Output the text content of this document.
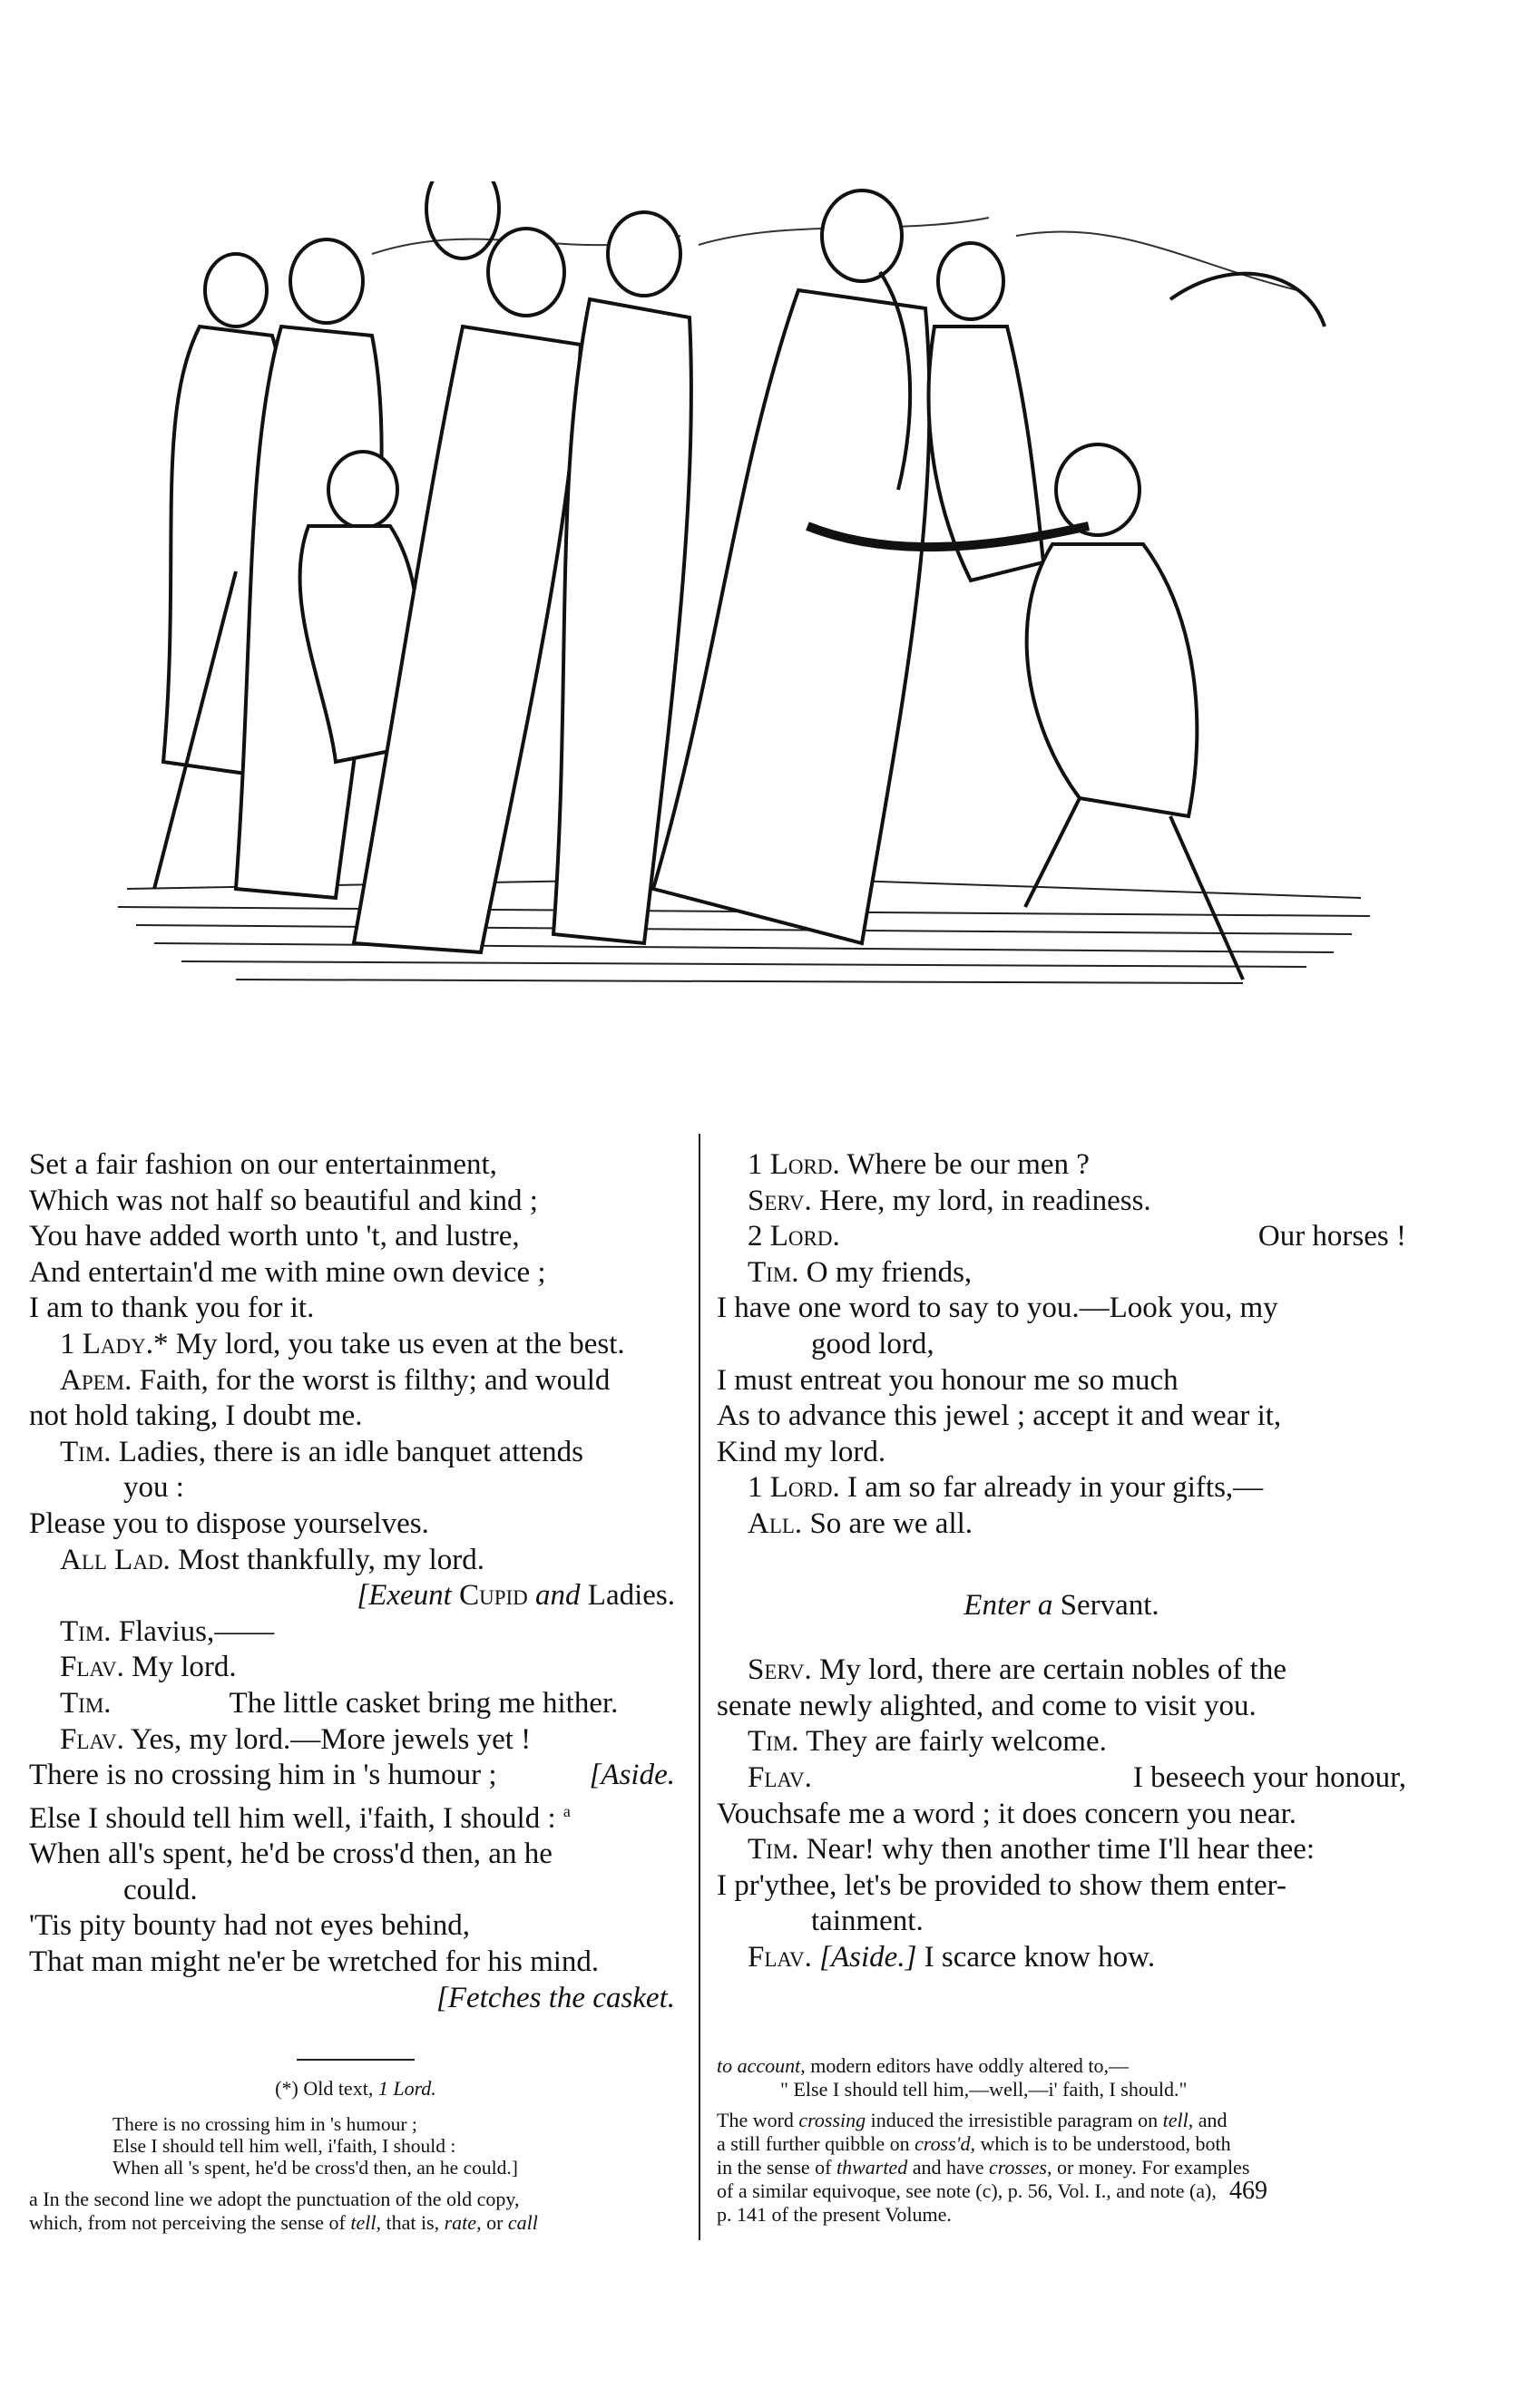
Set a fair fashion on our entertainment,
Which was not half so beautiful and kind ;
You have added worth unto 't, and lustre,
And entertain'd me with mine own device ;
I am to thank you for it.
1 Lady.* My lord, you take us even at the best.
Apem. Faith, for the worst is filthy; and would
not hold taking, I doubt me.
Tim. Ladies, there is an idle banquet attends
you :
Please you to dispose yourselves.
All Lad. Most thankfully, my lord.
[Exeunt Cupid and Ladies.
Tim. Flavius,——
Flav. My lord.
Tim.	The little casket bring me hither.
Flav. Yes, my lord.—More jewels yet !
There is no crossing him in 's humour ;	[Aside.
Else I should tell him well, i'faith, I should : $^a$
When all's spent, he'd be cross'd then, an he
could.
'Tis pity bounty had not eyes behind,
That man might ne'er be wretched for his mind.
[Fetches the casket.
1 Lord. Where be our men ?
Serv. Here, my lord, in readiness.
2 Lord.	Our horses !
Tim. O my friends,
I have one word to say to you.—Look you, my
good lord,
I must entreat you honour me so much
As to advance this jewel ; accept it and wear it,
Kind my lord.
1 Lord. I am so far already in your gifts,—
All. So are we all.
Enter a Servant.
Serv. My lord, there are certain nobles of the
senate newly alighted, and come to visit you.
Tim. They are fairly welcome.
Flav.	I beseech your honour,
Vouchsafe me a word ; it does concern you near.
Tim. Near! why then another time I'll hear thee:
I pr'ythee, let's be provided to show them enter-
tainment.
Flav. [Aside.] I scarce know how.
(*) Old text, 1 Lord.
There is no crossing him in 's humour ;
Else I should tell him well, i'faith, I should :
When all 's spent, he'd be cross'd then, an he could.]
a In the second line we adopt the punctuation of the old copy,
which, from not perceiving the sense of tell, that is, rate, or call
to account, modern editors have oddly altered to,—
" Else I should tell him,—well,—i' faith, I should."
The word crossing induced the irresistible paragram on tell, and
a still further quibble on cross'd, which is to be understood, both
in the sense of thwarted and have crosses, or money. For examples
of a similar equivoque, see note (c), p. 56, Vol. I., and note (a),
p. 141 of the present Volume.
469
